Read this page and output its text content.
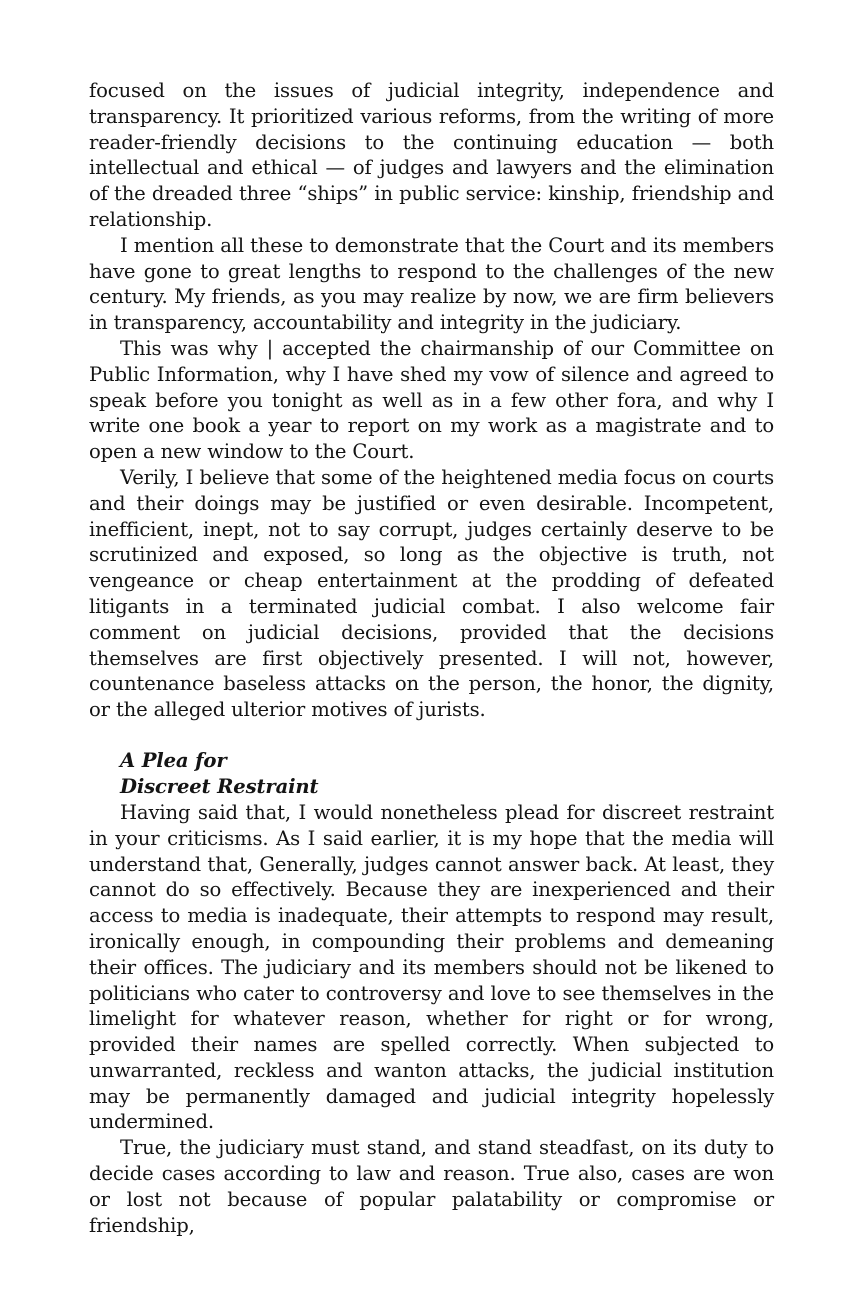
focused on the issues of judicial integrity, independence and transparency. It prioritized various reforms, from the writing of more reader-friendly decisions to the continuing education — both intellectual and ethical — of judges and lawyers and the elimination of the dreaded three “ships” in public service: kinship, friendship and relationship.

I mention all these to demonstrate that the Court and its members have gone to great lengths to respond to the challenges of the new century. My friends, as you may realize by now, we are firm believers in transparency, accountability and integrity in the judiciary.

This was why | accepted the chairmanship of our Committee on Public Information, why I have shed my vow of silence and agreed to speak before you tonight as well as in a few other fora, and why I write one book a year to report on my work as a magistrate and to open a new window to the Court.

Verily, I believe that some of the heightened media focus on courts and their doings may be justified or even desirable. Incompetent, inefficient, inept, not to say corrupt, judges certainly deserve to be scrutinized and exposed, so long as the objective is truth, not vengeance or cheap entertainment at the prodding of defeated litigants in a terminated judicial combat. I also welcome fair comment on judicial decisions, provided that the decisions themselves are first objectively presented. I will not, however, countenance baseless attacks on the person, the honor, the dignity, or the alleged ulterior motives of jurists.

A Plea for
Discreet Restraint

Having said that, I would nonetheless plead for discreet restraint in your criticisms. As I said earlier, it is my hope that the media will understand that, Generally, judges cannot answer back. At least, they cannot do so effectively. Because they are inexperienced and their access to media is inadequate, their attempts to respond may result, ironically enough, in compounding their problems and demeaning their offices. The judiciary and its members should not be likened to politicians who cater to controversy and love to see themselves in the limelight for whatever reason, whether for right or for wrong, provided their names are spelled correctly. When subjected to unwarranted, reckless and wanton attacks, the judicial institution may be permanently damaged and judicial integrity hopelessly undermined.

True, the judiciary must stand, and stand steadfast, on its duty to decide cases according to law and reason. True also, cases are won or lost not because of popular palatability or compromise or friendship,
